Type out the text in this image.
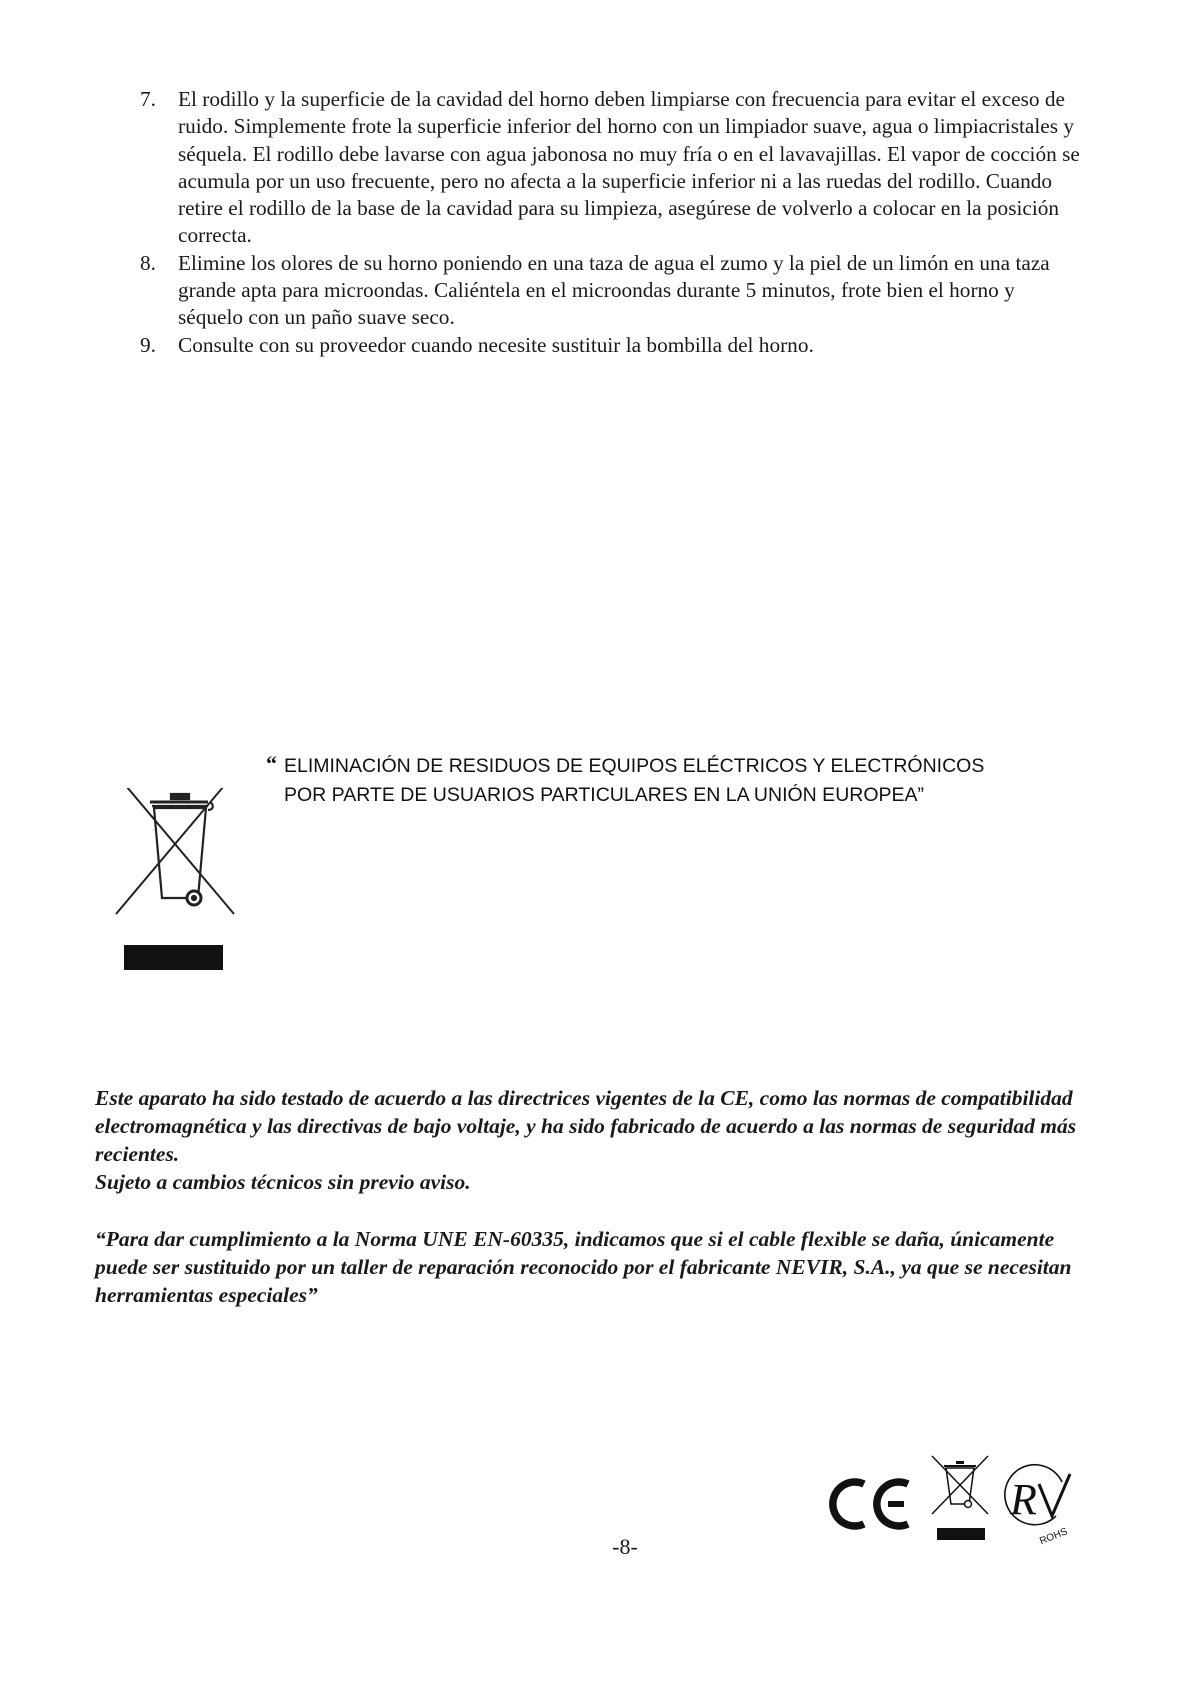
7. El rodillo y la superficie de la cavidad del horno deben limpiarse con frecuencia para evitar el exceso de ruido. Simplemente frote la superficie inferior del horno con un limpiador suave, agua o limpiacristales y séquela. El rodillo debe lavarse con agua jabonosa no muy fría o en el lavavajillas. El vapor de cocción se acumula por un uso frecuente, pero no afecta a la superficie inferior ni a las ruedas del rodillo. Cuando retire el rodillo de la base de la cavidad para su limpieza, asegúrese de volverlo a colocar en la posición correcta.
8. Elimine los olores de su horno poniendo en una taza de agua el zumo y la piel de un limón en una taza grande apta para microondas. Caliéntela en el microondas durante 5 minutos, frote bien el horno y séquelo con un paño suave seco.
9. Consulte con su proveedor cuando necesite sustituir la bombilla del horno.
“ ELIMINACIÓN DE RESIDUOS DE EQUIPOS ELÉCTRICOS Y ELECTRÓNICOS POR PARTE DE USUARIOS PARTICULARES EN LA UNIÓN EUROPEA”

Este aparato ha sido testado de acuerdo a las directrices vigentes de la CE, como las normas de compatibilidad electromagnética y las directivas de bajo voltaje, y ha sido fabricado de acuerdo a las normas de seguridad más recientes.

Sujeto a cambios técnicos sin previo aviso.

“Para dar cumplimiento a la Norma UNE EN-60335, indicamos que si el cable flexible se daña, únicamente puede ser sustituido por un taller de reparación reconocido por el fabricante NEVIR, S.A., ya que se necesitan herramientas especiales”

-8-
R
ROHS
